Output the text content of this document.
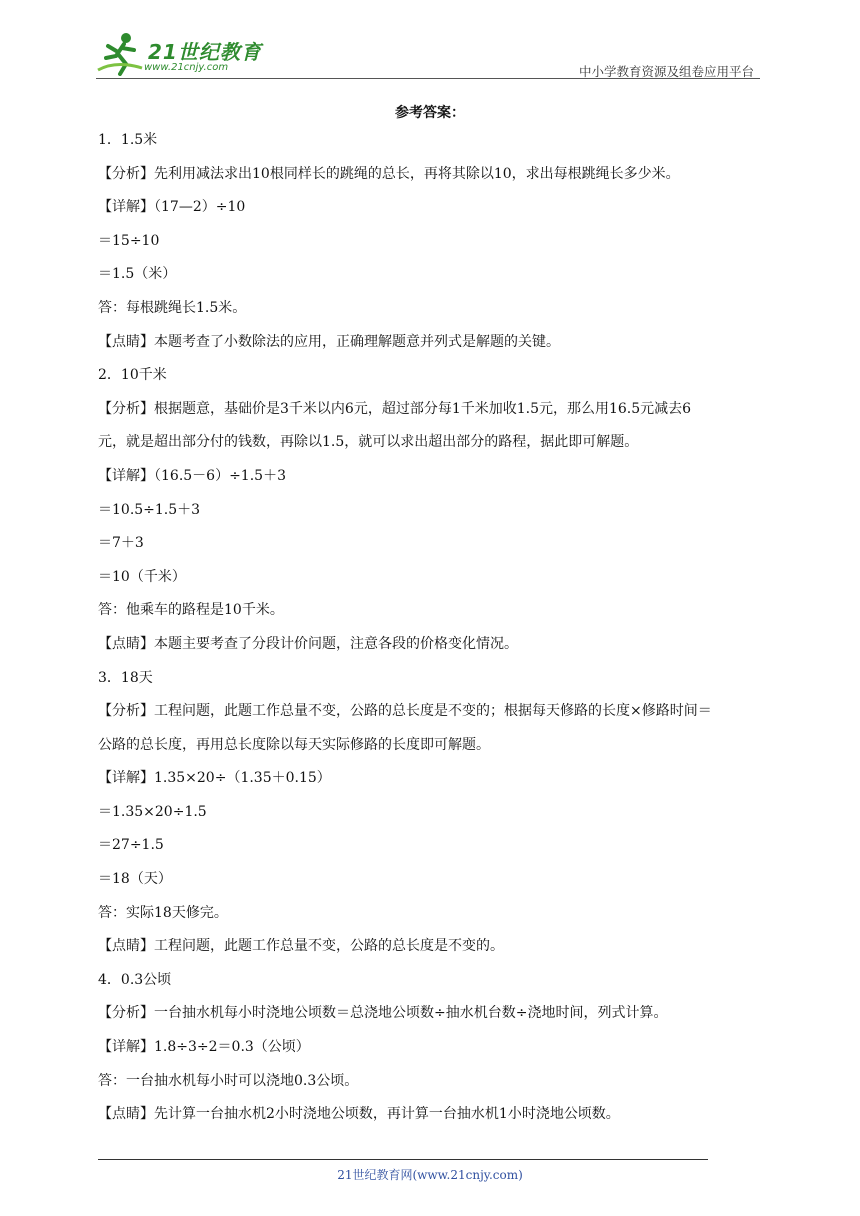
21世纪教育
www.21cnjy.com	中小学教育资源及组卷应用平台
参考答案：
1．1.5米
【分析】先利用减法求出10根同样长的跳绳的总长，再将其除以10，求出每根跳绳长多少米。
【详解】（17—2）÷10
＝15÷10
＝1.5（米）
答：每根跳绳长1.5米。
【点睛】本题考查了小数除法的应用，正确理解题意并列式是解题的关键。
2．10千米
【分析】根据题意，基础价是3千米以内6元，超过部分每1千米加收1.5元，那么用16.5元减去6
元，就是超出部分付的钱数，再除以1.5，就可以求出超出部分的路程，据此即可解题。
【详解】（16.5－6）÷1.5＋3
＝10.5÷1.5＋3
＝7＋3
＝10（千米）
答：他乘车的路程是10千米。
【点睛】本题主要考查了分段计价问题，注意各段的价格变化情况。
3．18天
【分析】工程问题，此题工作总量不变，公路的总长度是不变的；根据每天修路的长度×修路时间＝
公路的总长度，再用总长度除以每天实际修路的长度即可解题。
【详解】1.35×20÷（1.35＋0.15）
＝1.35×20÷1.5
＝27÷1.5
＝18（天）
答：实际18天修完。
【点睛】工程问题，此题工作总量不变，公路的总长度是不变的。
4．0.3公顷
【分析】一台抽水机每小时浇地公顷数＝总浇地公顷数÷抽水机台数÷浇地时间，列式计算。
【详解】1.8÷3÷2＝0.3（公顷）
答：一台抽水机每小时可以浇地0.3公顷。
【点睛】先计算一台抽水机2小时浇地公顷数，再计算一台抽水机1小时浇地公顷数。
21世纪教育网(www.21cnjy.com)
